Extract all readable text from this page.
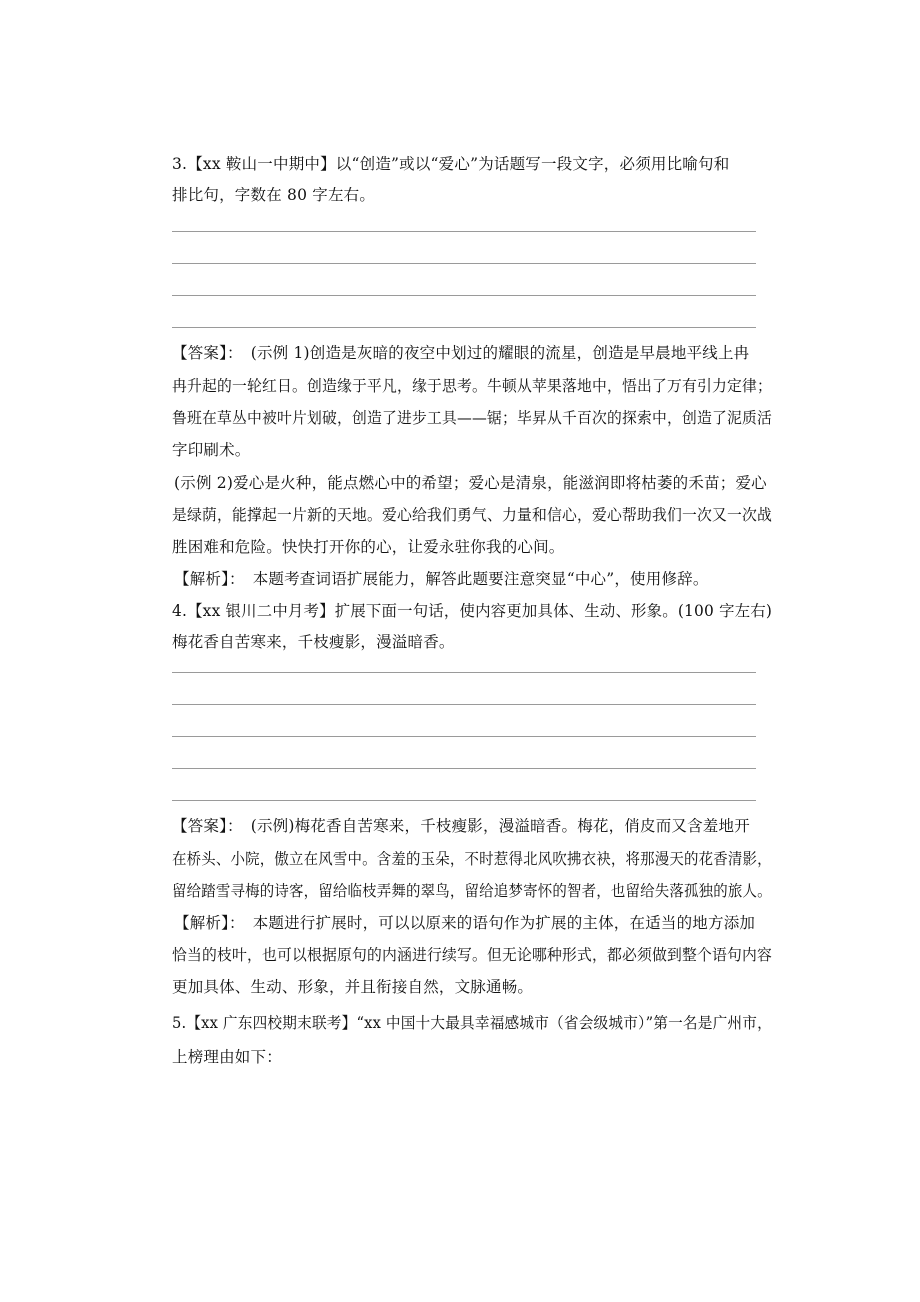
3.【xx 鞍山一中期中】以“创造”或以“爱心”为话题写一段文字，必须用比喻句和
排比句，字数在 80 字左右。
【答案】：　(示例 1)创造是灰暗的夜空中划过的耀眼的流星，创造是早晨地平线上冉
冉升起的一轮红日。创造缘于平凡，缘于思考。牛顿从苹果落地中，悟出了万有引力定律；
鲁班在草丛中被叶片划破，创造了进步工具——锯；毕昇从千百次的探索中，创造了泥质活
字印刷术。
(示例 2)爱心是火种，能点燃心中的希望；爱心是清泉，能滋润即将枯萎的禾苗；爱心
是绿荫，能撑起一片新的天地。爱心给我们勇气、力量和信心，爱心帮助我们一次又一次战
胜困难和危险。快快打开你的心，让爱永驻你我的心间。
【解析】：　本题考查词语扩展能力，解答此题要注意突显“中心”，使用修辞。
4.【xx 银川二中月考】扩展下面一句话，使内容更加具体、生动、形象。(100 字左右)
梅花香自苦寒来，千枝瘦影，漫溢暗香。
【答案】：　(示例)梅花香自苦寒来，千枝瘦影，漫溢暗香。梅花，俏皮而又含羞地开
在桥头、小院，傲立在风雪中。含羞的玉朵，不时惹得北风吹拂衣袂，将那漫天的花香清影，
留给踏雪寻梅的诗客，留给临枝弄舞的翠鸟，留给追梦寄怀的智者，也留给失落孤独的旅人。
【解析】：　本题进行扩展时，可以以原来的语句作为扩展的主体，在适当的地方添加
恰当的枝叶，也可以根据原句的内涵进行续写。但无论哪种形式，都必须做到整个语句内容
更加具体、生动、形象，并且衔接自然，文脉通畅。
5.【xx 广东四校期末联考】“xx 中国十大最具幸福感城市（省会级城市）”第一名是广州市，
上榜理由如下：
